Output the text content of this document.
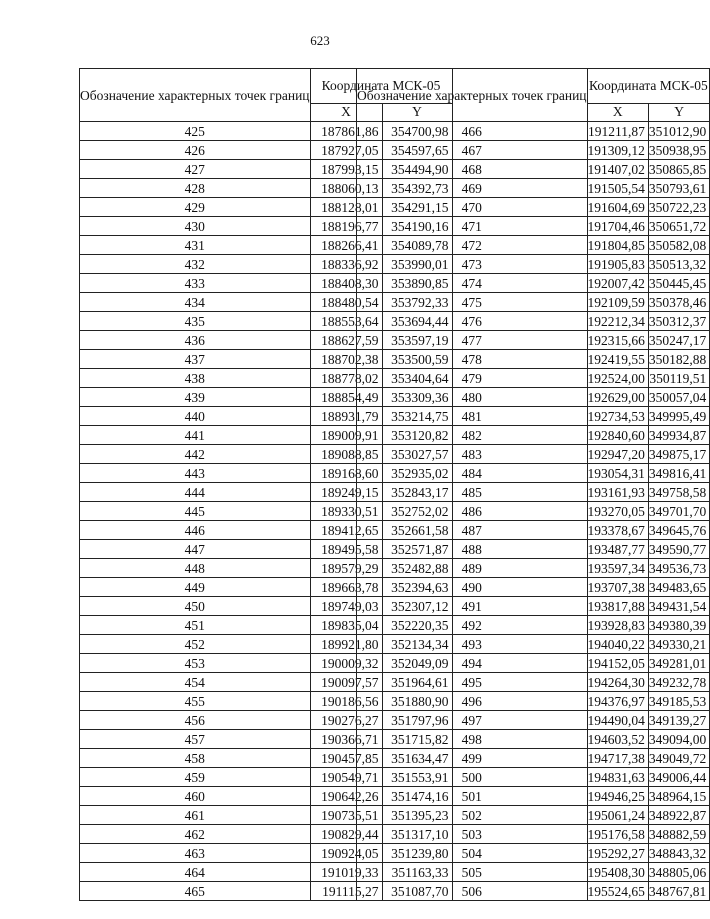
623
Обозначение характерных точек границ	Координата МСК-05	
	X	Y
425	187861,86	354700,98
426	187927,05	354597,65
427	187993,15	354494,90
428	188060,13	354392,73
429	188128,01	354291,15
430	188196,77	354190,16
431	188266,41	354089,78
432	188336,92	353990,01
433	188408,30	353890,85
434	188480,54	353792,33
435	188553,64	353694,44
436	188627,59	353597,19
437	188702,38	353500,59
438	188778,02	353404,64
439	188854,49	353309,36
440	188931,79	353214,75
441	189009,91	353120,82
442	189088,85	353027,57
443	189168,60	352935,02
444	189249,15	352843,17
445	189330,51	352752,02
446	189412,65	352661,58
447	189495,58	352571,87
448	189579,29	352482,88
449	189663,78	352394,63
450	189749,03	352307,12
451	189835,04	352220,35
452	189921,80	352134,34
453	190009,32	352049,09
454	190097,57	351964,61
455	190186,56	351880,90
456	190276,27	351797,96
457	190366,71	351715,82
458	190457,85	351634,47
459	190549,71	351553,91
460	190642,26	351474,16
461	190735,51	351395,23
462	190829,44	351317,10
463	190924,05	351239,80
464	191019,33	351163,33
465	191115,27	351087,70
Обозначение характерных точек границ	Координата МСК-05	
	X	Y
466	191211,87	351012,90
467	191309,12	350938,95
468	191407,02	350865,85
469	191505,54	350793,61
470	191604,69	350722,23
471	191704,46	350651,72
472	191804,85	350582,08
473	191905,83	350513,32
474	192007,42	350445,45
475	192109,59	350378,46
476	192212,34	350312,37
477	192315,66	350247,17
478	192419,55	350182,88
479	192524,00	350119,51
480	192629,00	350057,04
481	192734,53	349995,49
482	192840,60	349934,87
483	192947,20	349875,17
484	193054,31	349816,41
485	193161,93	349758,58
486	193270,05	349701,70
487	193378,67	349645,76
488	193487,77	349590,77
489	193597,34	349536,73
490	193707,38	349483,65
491	193817,88	349431,54
492	193928,83	349380,39
493	194040,22	349330,21
494	194152,05	349281,01
495	194264,30	349232,78
496	194376,97	349185,53
497	194490,04	349139,27
498	194603,52	349094,00
499	194717,38	349049,72
500	194831,63	349006,44
501	194946,25	348964,15
502	195061,24	348922,87
503	195176,58	348882,59
504	195292,27	348843,32
505	195408,30	348805,06
506	195524,65	348767,81
